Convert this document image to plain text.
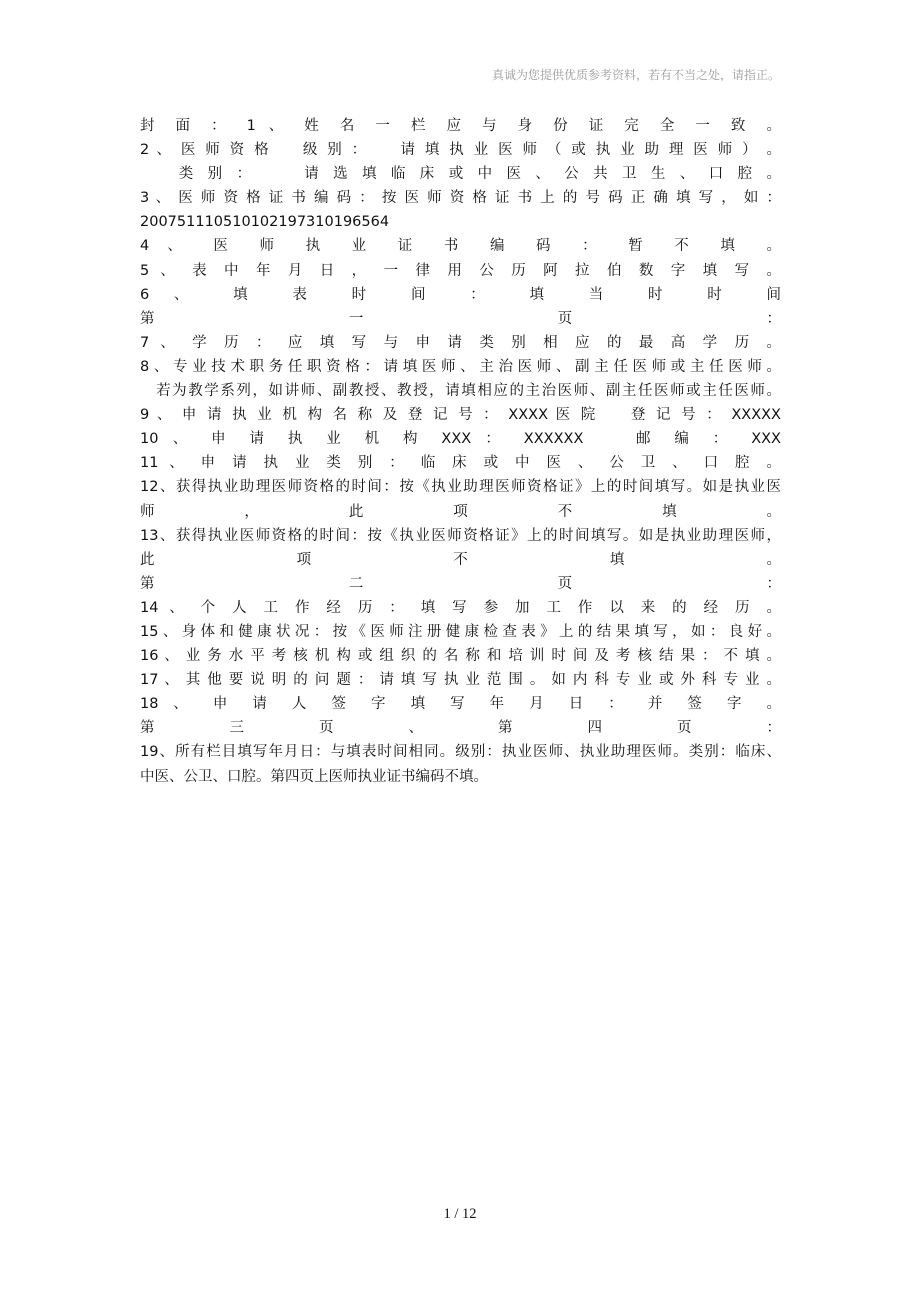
真诚为您提供优质参考资料，若有不当之处，请指正。
封 面 ： 1 、 姓 名 一 栏 应 与 身 份 证 完 全 一 致 。
2 、 医 师 资 格 　 级 别 ： 　 请 填 执 业 医 师 （ 或 执 业 助 理 医 师 ） 。
　　类 别 ： 　　请 选 填 临 床 或 中 医 、 公 共 卫 生 、 口 腔 。
3 、 医 师 资 格 证 书 编 码 ： 按 医 师 资 格 证 书 上 的 号 码 正 确 填 写 ， 如 ：
200751110510102197310196564
4 、 医 师 执 业 证 书 编 码 ： 暂 不 填 。
5 、 表 中 年 月 日 ， 一 律 用 公 历 阿 拉 伯 数 字 填 写 。
6 、 填 表 时 间 ： 填 当 时 时 间
第 一 页 ：
7 、 学 历 ： 应 填 写 与 申 请 类 别 相 应 的 最 高 学 历 。
8、专业技术职务任职资格：请填医师、主治医师、副主任医师或主任医师。
　若为教学系列，如讲师、副教授、教授，请填相应的主治医师、副主任医师或主任医师。
9 、 申 请 执 业 机 构 名 称 及 登 记 号 ： XXXX 医 院 　 登 记 号 ： XXXXX
10 、 申 请 执 业 机 构 XXX ： XXXXXX 　 邮 编 ： XXX
11 、 申 请 执 业 类 别 ： 临 床 或 中 医 、 公 卫 、 口 腔 。
12、获得执业助理医师资格的时间：按《执业助理医师资格证》上的时间填写。如是执业医
师 ， 此 项 不 填 。
13、获得执业医师资格的时间：按《执业医师资格证》上的时间填写。如是执业助理医师，
此 项 不 填 。
第 二 页 ：
14 、 个 人 工 作 经 历 ： 填 写 参 加 工 作 以 来 的 经 历 。
15、身体和健康状况：按《医师注册健康检查表》上的结果填写，如：良好。
16 、 业 务 水 平 考 核 机 构 或 组 织 的 名 称 和 培 训 时 间 及 考 核 结 果 ： 不 填 。
17 、 其 他 要 说 明 的 问 题 ： 请 填 写 执 业 范 围 。 如 内 科 专 业 或 外 科 专 业 。
18 、 申 请 人 签 字 填 写 年 月 日 ： 并 签 字 。
第 三 页 、 第 四 页 ：
19、所有栏目填写年月日：与填表时间相同。级别：执业医师、执业助理医师。类别：临床、
中医、公卫、口腔。第四页上医师执业证书编码不填。
1 / 12
